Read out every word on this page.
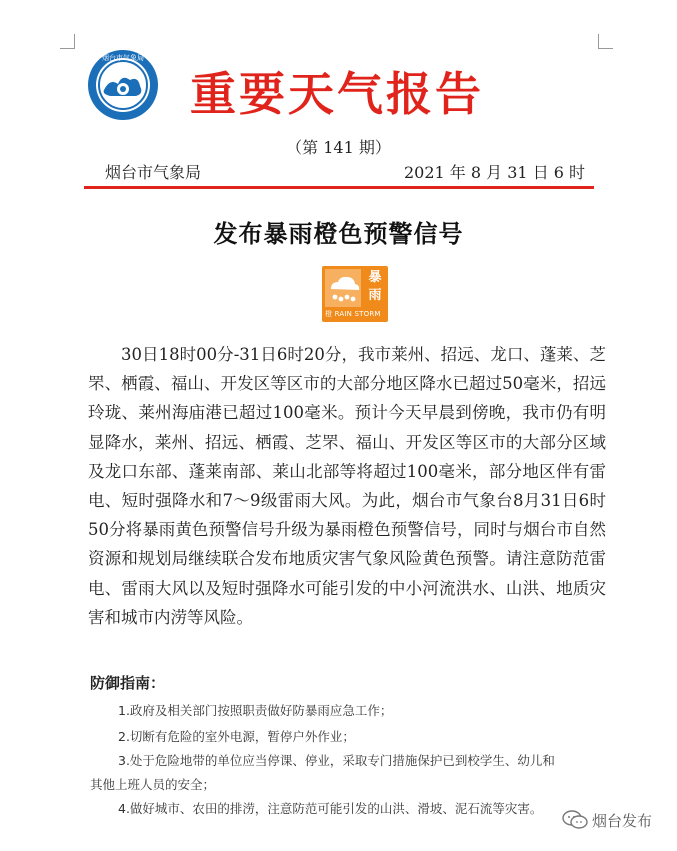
烟台市气象局
重要天气报告
（第 141 期）
烟台市气象局	2021 年 8 月 31 日 6 时
发布暴雨橙色预警信号
暴
雨
橙 RAIN STORM
30日18时00分-31日6时20分，我市莱州、招远、龙口、蓬莱、芝罘、栖霞、福山、开发区等区市的大部分地区降水已超过50毫米，招远玲珑、莱州海庙港已超过100毫米。预计今天早晨到傍晚，我市仍有明显降水，莱州、招远、栖霞、芝罘、福山、开发区等区市的大部分区域及龙口东部、蓬莱南部、莱山北部等将超过100毫米，部分地区伴有雷电、短时强降水和7～9级雷雨大风。为此，烟台市气象台8月31日6时50分将暴雨黄色预警信号升级为暴雨橙色预警信号，同时与烟台市自然资源和规划局继续联合发布地质灾害气象风险黄色预警。请注意防范雷电、雷雨大风以及短时强降水可能引发的中小河流洪水、山洪、地质灾害和城市内涝等风险。
防御指南：
1.政府及相关部门按照职责做好防暴雨应急工作；
2.切断有危险的室外电源，暂停户外作业；
3.处于危险地带的单位应当停课、停业，采取专门措施保护已到校学生、幼儿和
其他上班人员的安全；
4.做好城市、农田的排涝，注意防范可能引发的山洪、滑坡、泥石流等灾害。
烟台发布
